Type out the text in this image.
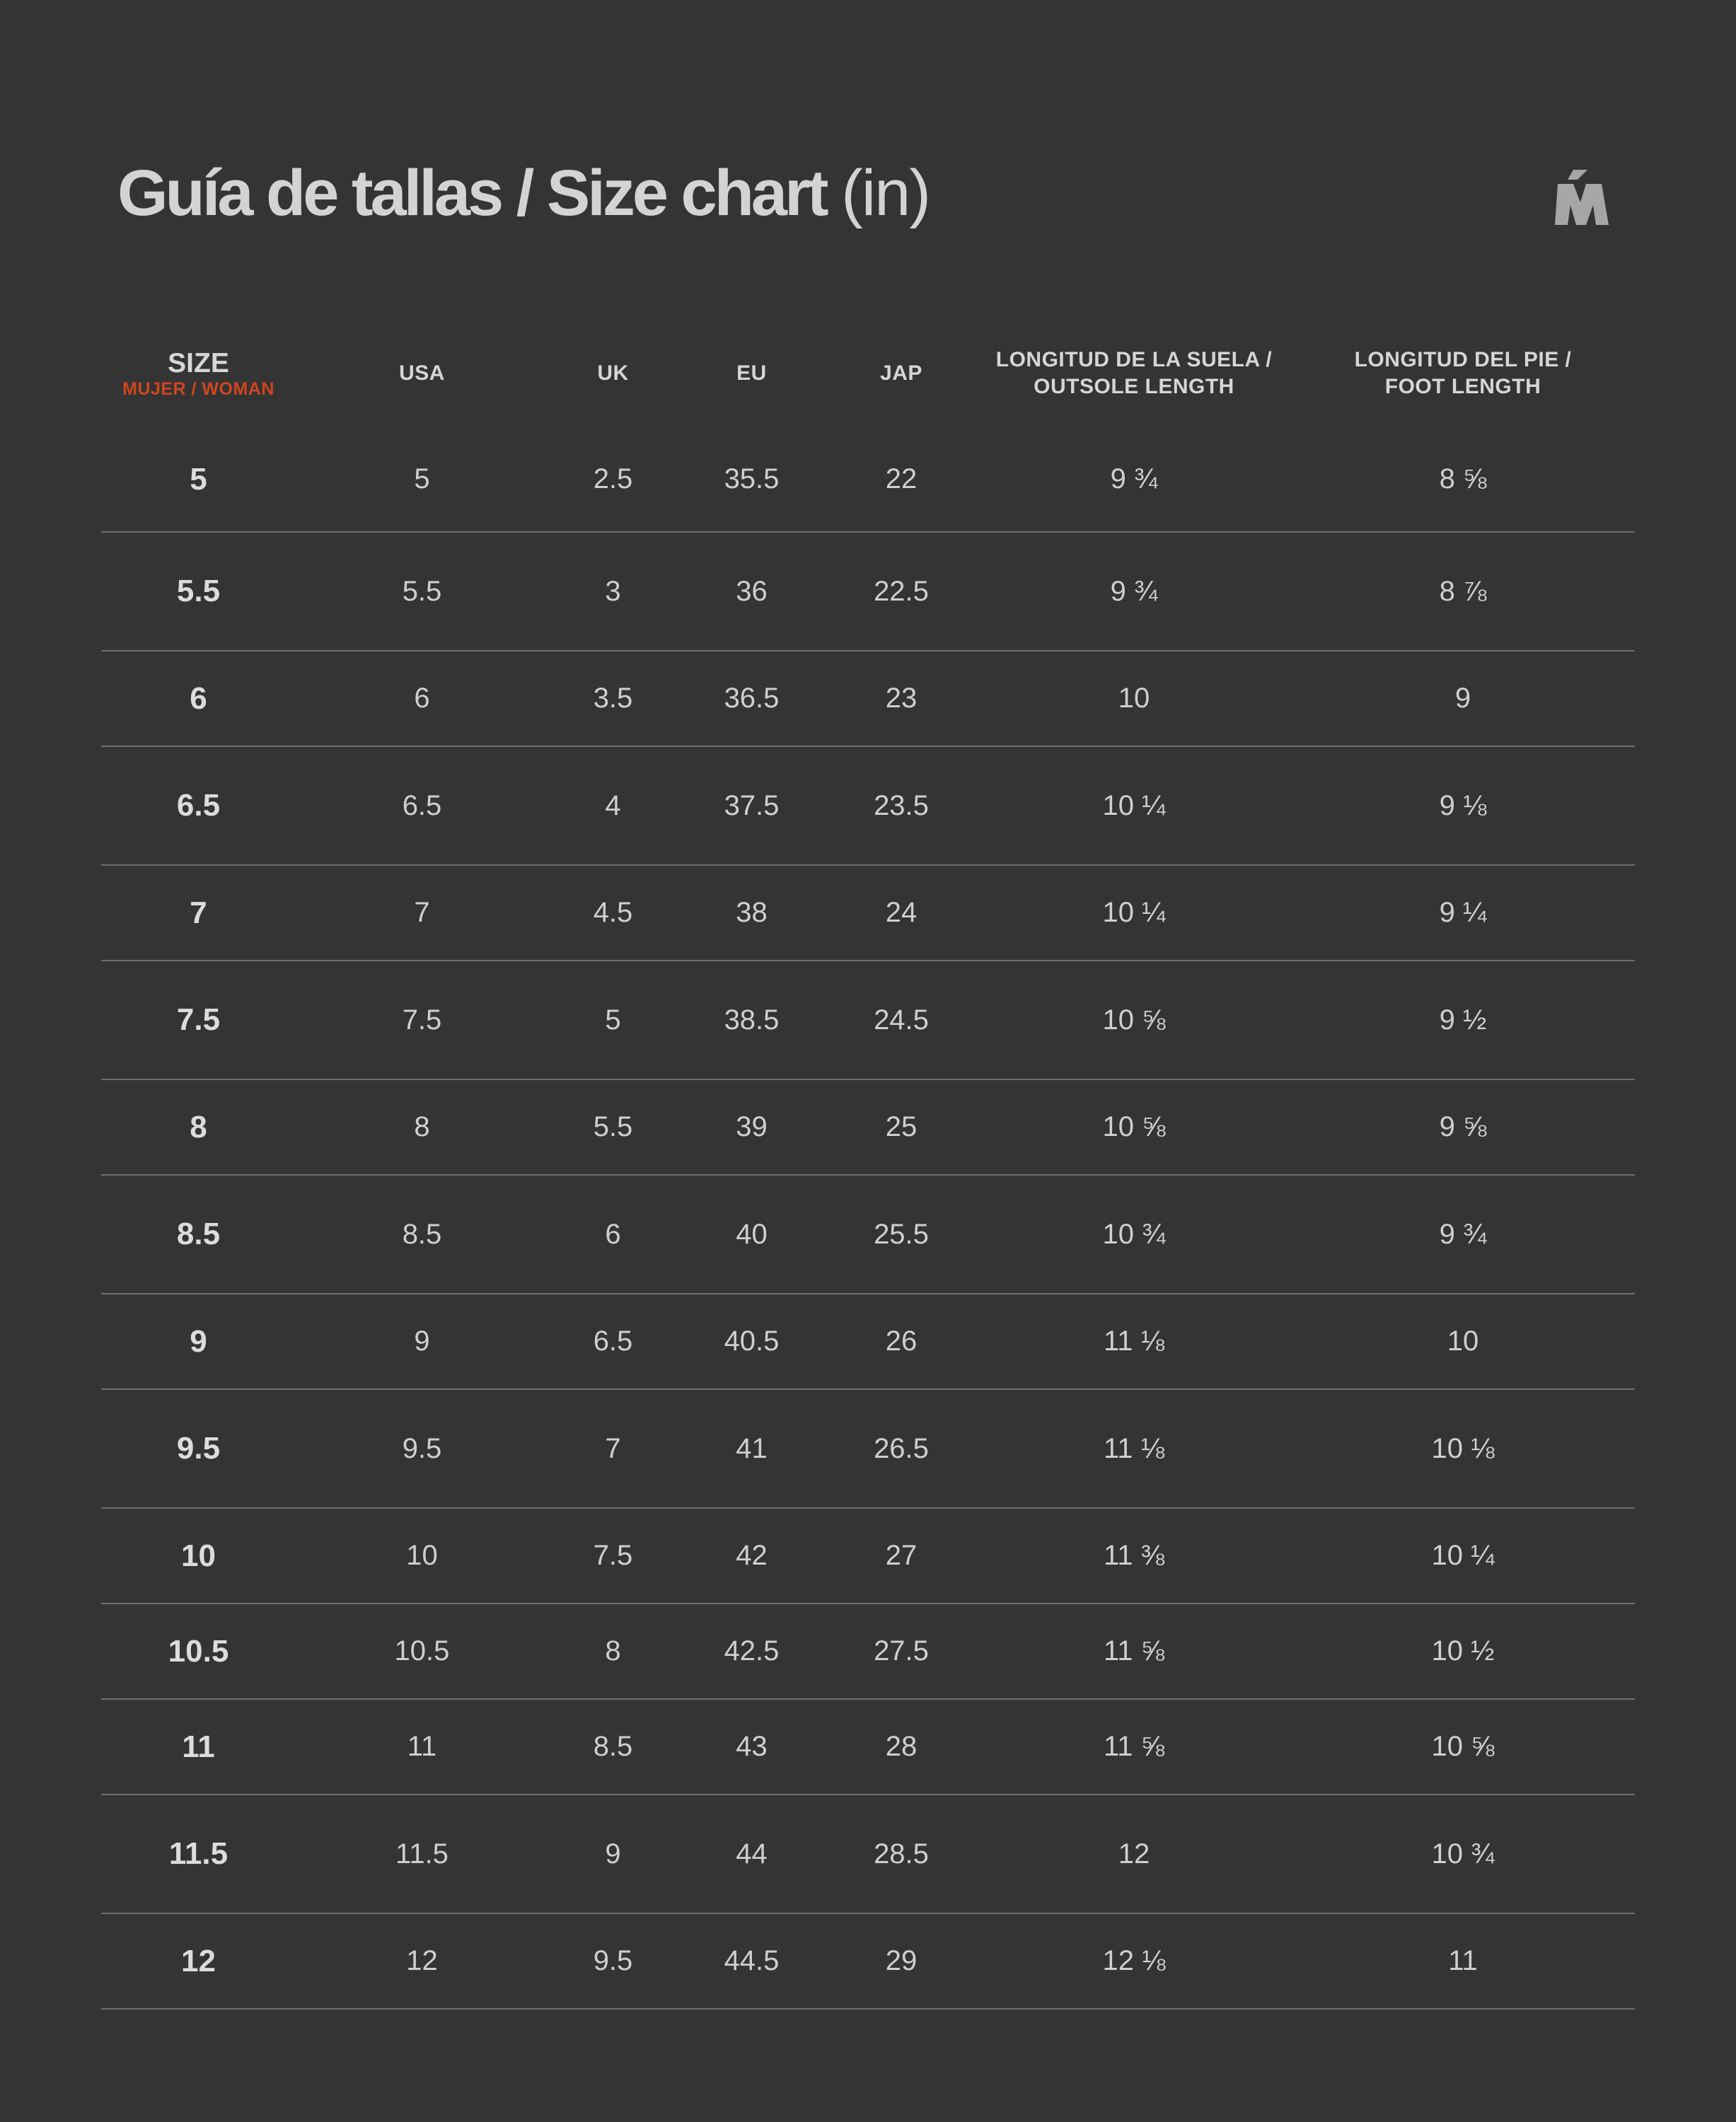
Guía de tallas / Size chart (in)
SIZE
MUJER / WOMAN	USA	UK	EU	JAP	LONGITUD DE LA SUELA /
OUTSOLE LENGTH	LONGITUD DEL PIE /
FOOT LENGTH

5	5	2.5	35.5	22	9 ¾	8 ⅝
5.5	5.5	3	36	22.5	9 ¾	8 ⅞
6	6	3.5	36.5	23	10	9
6.5	6.5	4	37.5	23.5	10 ¼	9 ⅛
7	7	4.5	38	24	10 ¼	9 ¼
7.5	7.5	5	38.5	24.5	10 ⅝	9 ½
8	8	5.5	39	25	10 ⅝	9 ⅝
8.5	8.5	6	40	25.5	10 ¾	9 ¾
9	9	6.5	40.5	26	11 ⅛	10
9.5	9.5	7	41	26.5	11 ⅛	10 ⅛
10	10	7.5	42	27	11 ⅜	10 ¼
10.5	10.5	8	42.5	27.5	11 ⅝	10 ½
11	11	8.5	43	28	11 ⅝	10 ⅝
11.5	11.5	9	44	28.5	12	10 ¾
12	12	9.5	44.5	29	12 ⅛	11
